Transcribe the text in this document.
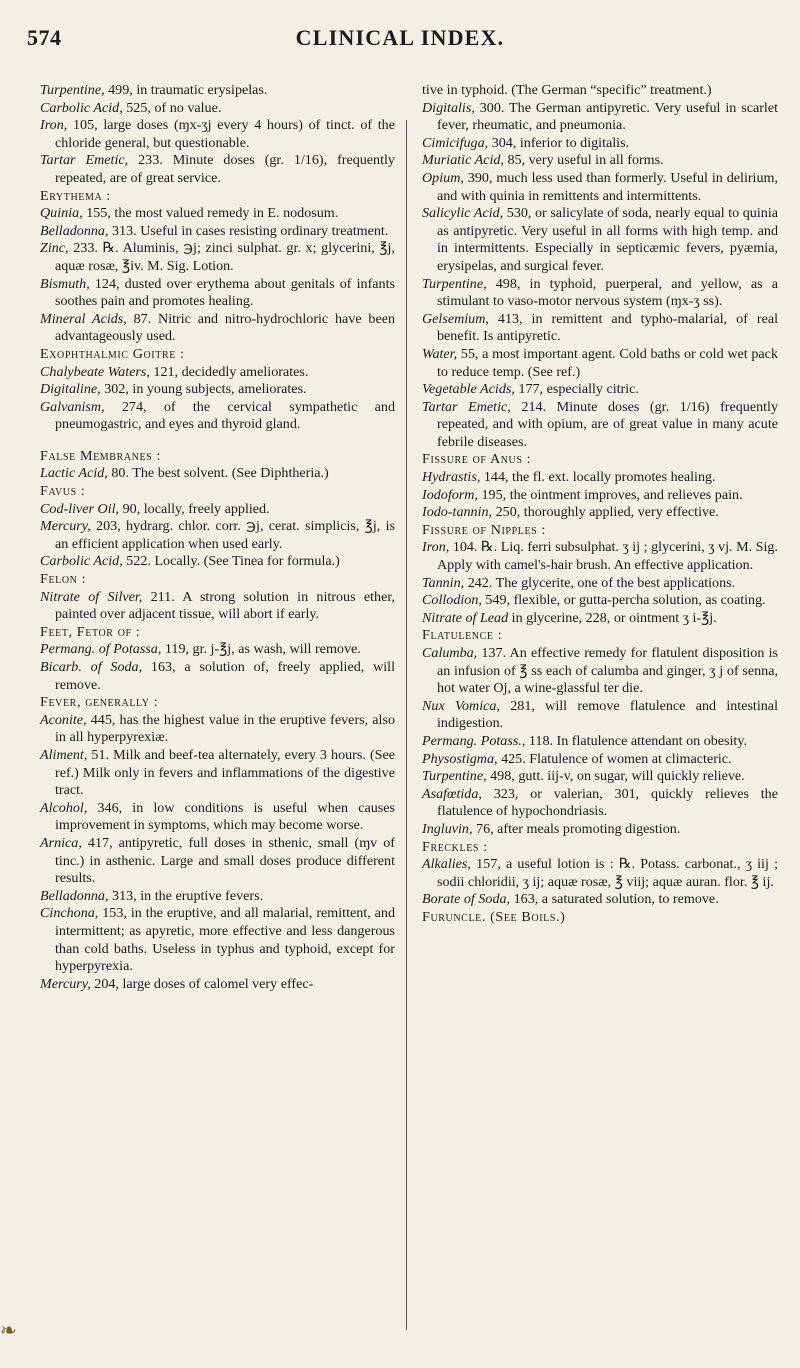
574	CLINICAL INDEX.

Turpentine, 499, in traumatic erysipelas.

Carbolic Acid, 525, of no value.

Iron, 105, large doses (ɱx-ʒj every 4 hours) of tinct. of the chloride general, but questionable.

Tartar Emetic, 233. Minute doses (gr. 1/16), frequently repeated, are of great service.

Erythema :

Quinia, 155, the most valued remedy in E. nodosum.

Belladonna, 313. Useful in cases resisting ordinary treatment.

Zinc, 233. ℞. Aluminis, ℈j; zinci sulphat. gr. x; glycerini, ℥j, aquæ rosæ, ℥iv. M. Sig. Lotion.

Bismuth, 124, dusted over erythema about genitals of infants soothes pain and promotes healing.

Mineral Acids, 87. Nitric and nitro-hydrochloric have been advantageously used.

Exophthalmic Goitre :

Chalybeate Waters, 121, decidedly ameliorates.

Digitaline, 302, in young subjects, ameliorates.

Galvanism, 274, of the cervical sympathetic and pneumogastric, and eyes and thyroid gland.

False Membranes :

Lactic Acid, 80. The best solvent. (See Diphtheria.)

Favus :

Cod-liver Oil, 90, locally, freely applied.

Mercury, 203, hydrarg. chlor. corr. ℈j, cerat. simplicis, ℥j, is an efficient application when used early.

Carbolic Acid, 522. Locally. (See Tinea for formula.)

Felon :

Nitrate of Silver, 211. A strong solution in nitrous ether, painted over adjacent tissue, will abort if early.

Feet, Fetor of :

Permang. of Potassa, 119, gr. j-℥j, as wash, will remove.

Bicarb. of Soda, 163, a solution of, freely applied, will remove.

Fever, generally :

Aconite, 445, has the highest value in the eruptive fevers, also in all hyperpyrexiæ.

Aliment, 51. Milk and beef-tea alternately, every 3 hours. (See ref.) Milk only in fevers and inflammations of the digestive tract.

Alcohol, 346, in low conditions is useful when causes improvement in symptoms, which may become worse.

Arnica, 417, antipyretic, full doses in sthenic, small (ɱv of tinc.) in asthenic. Large and small doses produce different results.

Belladonna, 313, in the eruptive fevers.

Cinchona, 153, in the eruptive, and all malarial, remittent, and intermittent; as apyretic, more effective and less dangerous than cold baths. Useless in typhus and typhoid, except for hyperpyrexia.

Mercury, 204, large doses of calomel very effec-

tive in typhoid. (The German “specific” treatment.)

Digitalis, 300. The German antipyretic. Very useful in scarlet fever, rheumatic, and pneumonia.

Cimicifuga, 304, inferior to digitalis.

Muriatic Acid, 85, very useful in all forms.

Opium, 390, much less used than formerly. Useful in delirium, and with quinia in remittents and intermittents.

Salicylic Acid, 530, or salicylate of soda, nearly equal to quinia as antipyretic. Very useful in all forms with high temp. and in intermittents. Especially in septicæmic fevers, pyæmia, erysipelas, and surgical fever.

Turpentine, 498, in typhoid, puerperal, and yellow, as a stimulant to vaso-motor nervous system (ɱx-ʒ ss).

Gelsemium, 413, in remittent and typho-malarial, of real benefit. Is antipyretic.

Water, 55, a most important agent. Cold baths or cold wet pack to reduce temp. (See ref.)

Vegetable Acids, 177, especially citric.

Tartar Emetic, 214. Minute doses (gr. 1/16) frequently repeated, and with opium, are of great value in many acute febrile diseases.

Fissure of Anus :

Hydrastis, 144, the fl. ext. locally promotes healing.

Iodoform, 195, the ointment improves, and relieves pain.

Iodo-tannin, 250, thoroughly applied, very effective.

Fissure of Nipples :

Iron, 104. ℞. Liq. ferri subsulphat. ʒ ij ; glycerini, ʒ vj. M. Sig. Apply with camel's-hair brush. An effective application.

Tannin, 242. The glycerite, one of the best applications.

Collodion, 549, flexible, or gutta-percha solution, as coating.

Nitrate of Lead in glycerine, 228, or ointment ʒ i-℥j.

Flatulence :

Calumba, 137. An effective remedy for flatulent disposition is an infusion of ℥ ss each of calumba and ginger, ʒ j of senna, hot water Oj, a wine-glassful ter die.

Nux Vomica, 281, will remove flatulence and intestinal indigestion.

Permang. Potass., 118. In flatulence attendant on obesity.

Physostigma, 425. Flatulence of women at climacteric.

Turpentine, 498, gutt. iij-v, on sugar, will quickly relieve.

Asafœtida, 323, or valerian, 301, quickly relieves the flatulence of hypochondriasis.

Ingluvin, 76, after meals promoting digestion.

Freckles :

Alkalies, 157, a useful lotion is : ℞. Potass. carbonat., ʒ iij ; sodii chloridii, ʒ ij; aquæ rosæ, ℥ viij; aquæ auran. flor. ℥ ij.

Borate of Soda, 163, a saturated solution, to remove.

Furuncle. (See Boils.)

❧
